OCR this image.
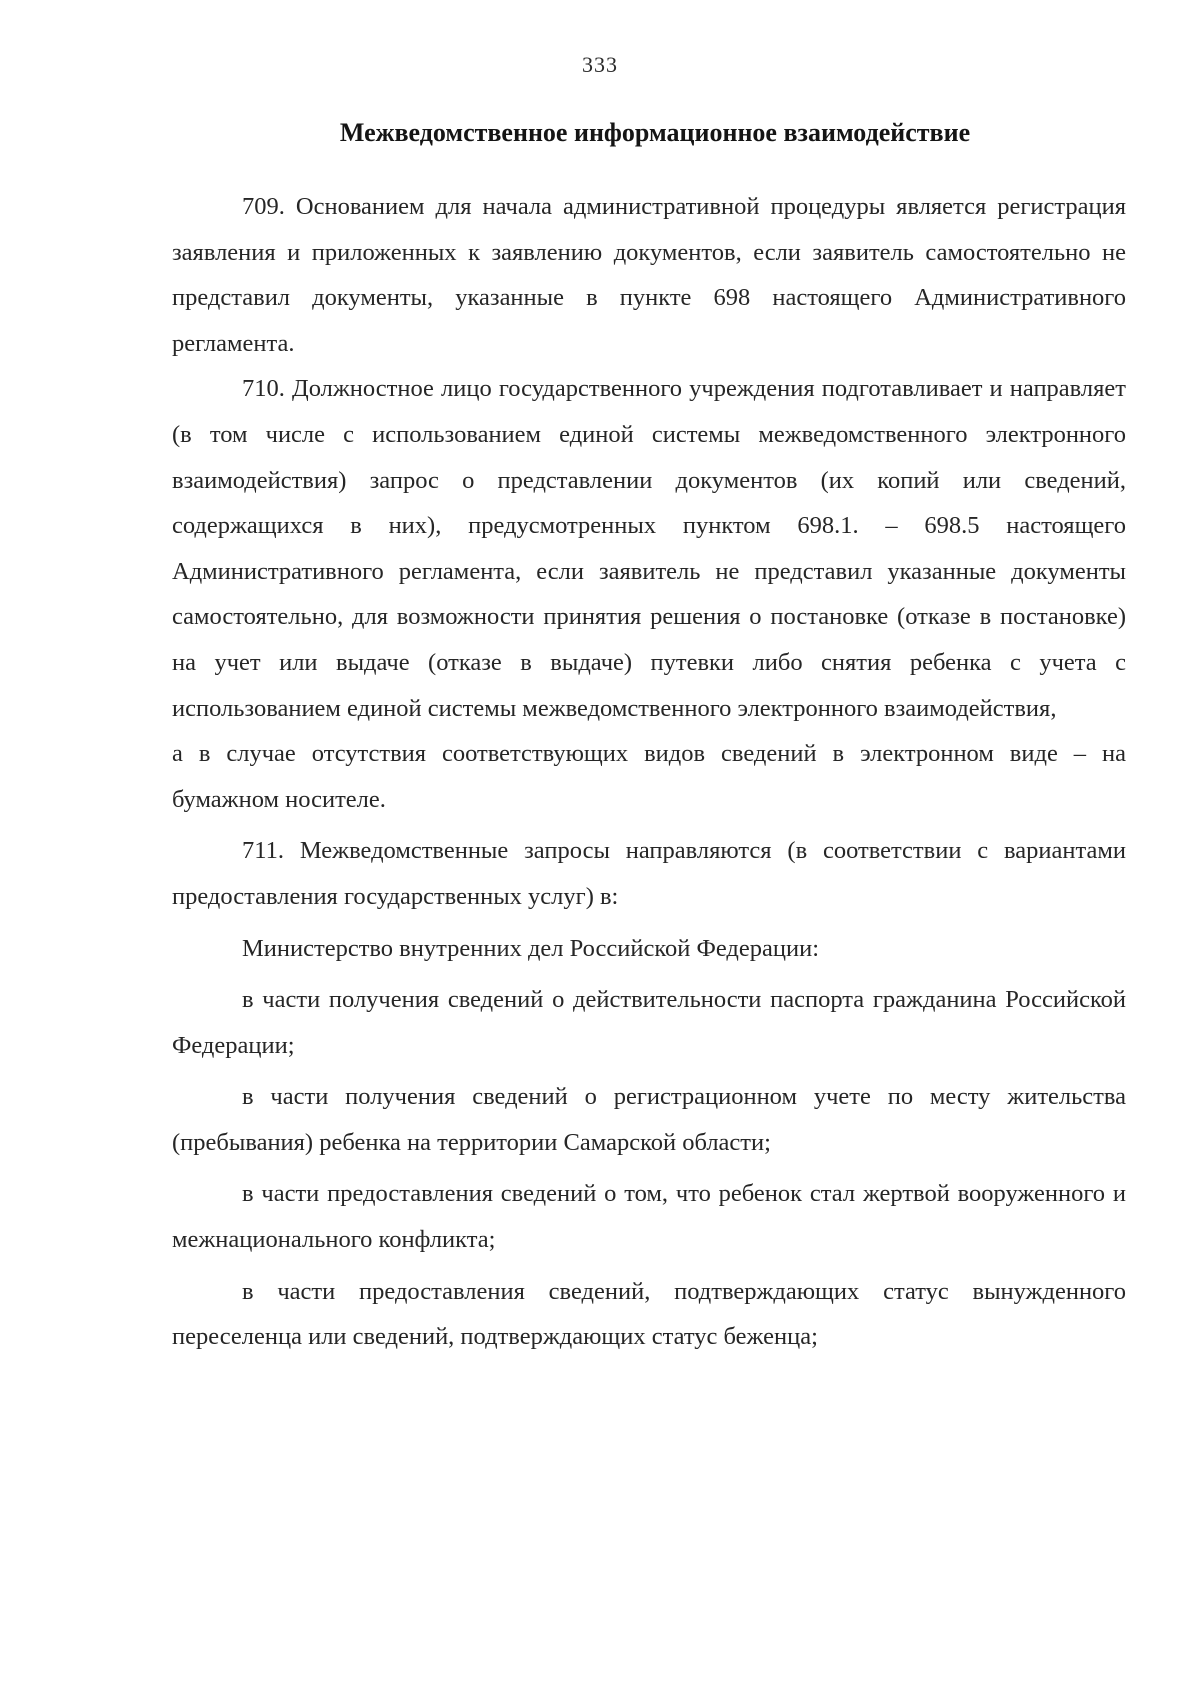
333
Межведомственное информационное взаимодействие

709. Основанием для начала административной процедуры является регистрация заявления и приложенных к заявлению документов, если заявитель самостоятельно не представил документы, указанные в пункте 698 настоящего Административного регламента.

710. Должностное лицо государственного учреждения подготавливает и направляет (в том числе с использованием единой системы межведомственного электронного взаимодействия) запрос о представлении документов (их копий или сведений, содержащихся в них), предусмотренных пунктом 698.1. – 698.5 настоящего Административного регламента, если заявитель не представил указанные документы самостоятельно, для возможности принятия решения о постановке (отказе в постановке) на учет или выдаче (отказе в выдаче) путевки либо снятия ребенка с учета с использованием единой системы межведомственного электронного взаимодействия,

а в случае отсутствия соответствующих видов сведений в электронном виде – на бумажном носителе.

711. Межведомственные запросы направляются (в соответствии с вариантами предоставления государственных услуг) в:

Министерство внутренних дел Российской Федерации:

в части получения сведений о действительности паспорта гражданина Российской Федерации;

в части получения сведений о регистрационном учете по месту жительства (пребывания) ребенка на территории Самарской области;

в части предоставления сведений о том, что ребенок стал жертвой вооруженного и межнационального конфликта;

в части предоставления сведений, подтверждающих статус вынужденного переселенца или сведений, подтверждающих статус беженца;
